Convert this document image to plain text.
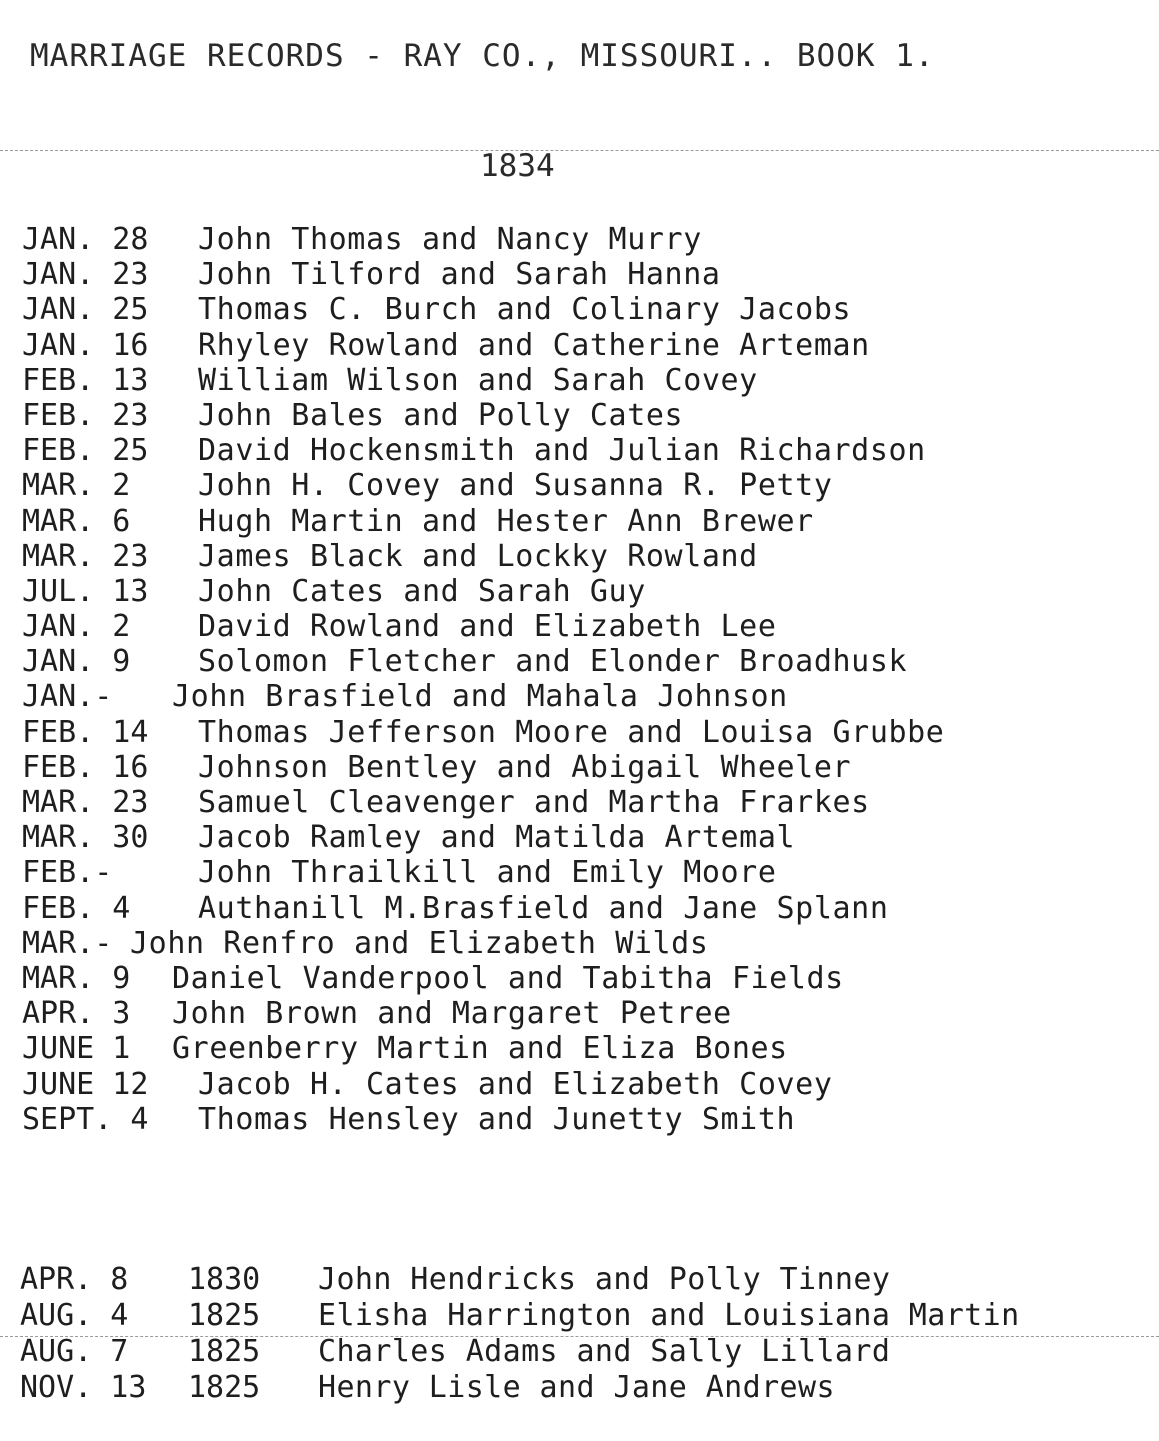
MARRIAGE RECORDS - RAY CO., MISSOURI.. BOOK 1.
1834
JAN. 28	John Thomas and Nancy Murry
JAN. 23	John Tilford and Sarah Hanna
JAN. 25	Thomas C. Burch and Colinary Jacobs
JAN. 16	Rhyley Rowland and Catherine Arteman
FEB. 13	William Wilson and Sarah Covey
FEB. 23	John Bales and Polly Cates
FEB. 25	David Hockensmith and Julian Richardson
MAR. 2	John H. Covey and Susanna R. Petty
MAR. 6	Hugh Martin and Hester Ann Brewer
MAR. 23	James Black and Lockky Rowland
JUL. 13	John Cates and Sarah Guy
JAN. 2	David Rowland and Elizabeth Lee
JAN. 9	Solomon Fletcher and Elonder Broadhusk
JAN.-	John Brasfield and Mahala Johnson
FEB. 14	Thomas Jefferson Moore and Louisa Grubbe
FEB. 16	Johnson Bentley and Abigail Wheeler
MAR. 23	Samuel Cleavenger and Martha Frarkes
MAR. 30	Jacob Ramley and Matilda Artemal
FEB.-	John Thrailkill and Emily Moore
FEB. 4	Authanill M.Brasfield and Jane Splann
MAR.- John Renfro and Elizabeth Wilds
MAR. 9	Daniel Vanderpool and Tabitha Fields
APR. 3	John Brown and Margaret Petree
JUNE 1	Greenberry Martin and Eliza Bones
JUNE 12	Jacob H. Cates and Elizabeth Covey
SEPT. 4	Thomas Hensley and Junetty Smith
APR. 8	1830	John Hendricks and Polly Tinney
AUG. 4	1825	Elisha Harrington and Louisiana Martin
AUG. 7	1825	Charles Adams and Sally Lillard
NOV. 13	1825	Henry Lisle and Jane Andrews
